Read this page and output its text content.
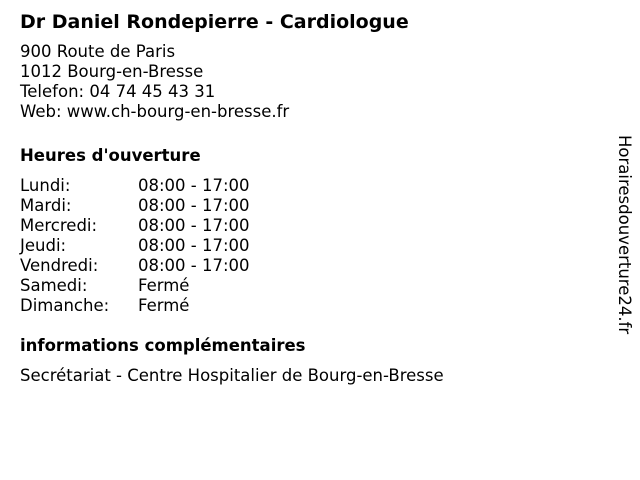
Dr Daniel Rondepierre - Cardiologue
900 Route de Paris
1012 Bourg-en-Bresse
Telefon: 04 74 45 43 31
Web: www.ch-bourg-en-bresse.fr
Heures d'ouverture
Lundi:	08:00 - 17:00
Mardi:	08:00 - 17:00
Mercredi:	08:00 - 17:00
Jeudi:	08:00 - 17:00
Vendredi:	08:00 - 17:00
Samedi:	Fermé
Dimanche:	Fermé
informations complémentaires
Secrétariat - Centre Hospitalier de Bourg-en-Bresse
Horairesdouverture24.fr
